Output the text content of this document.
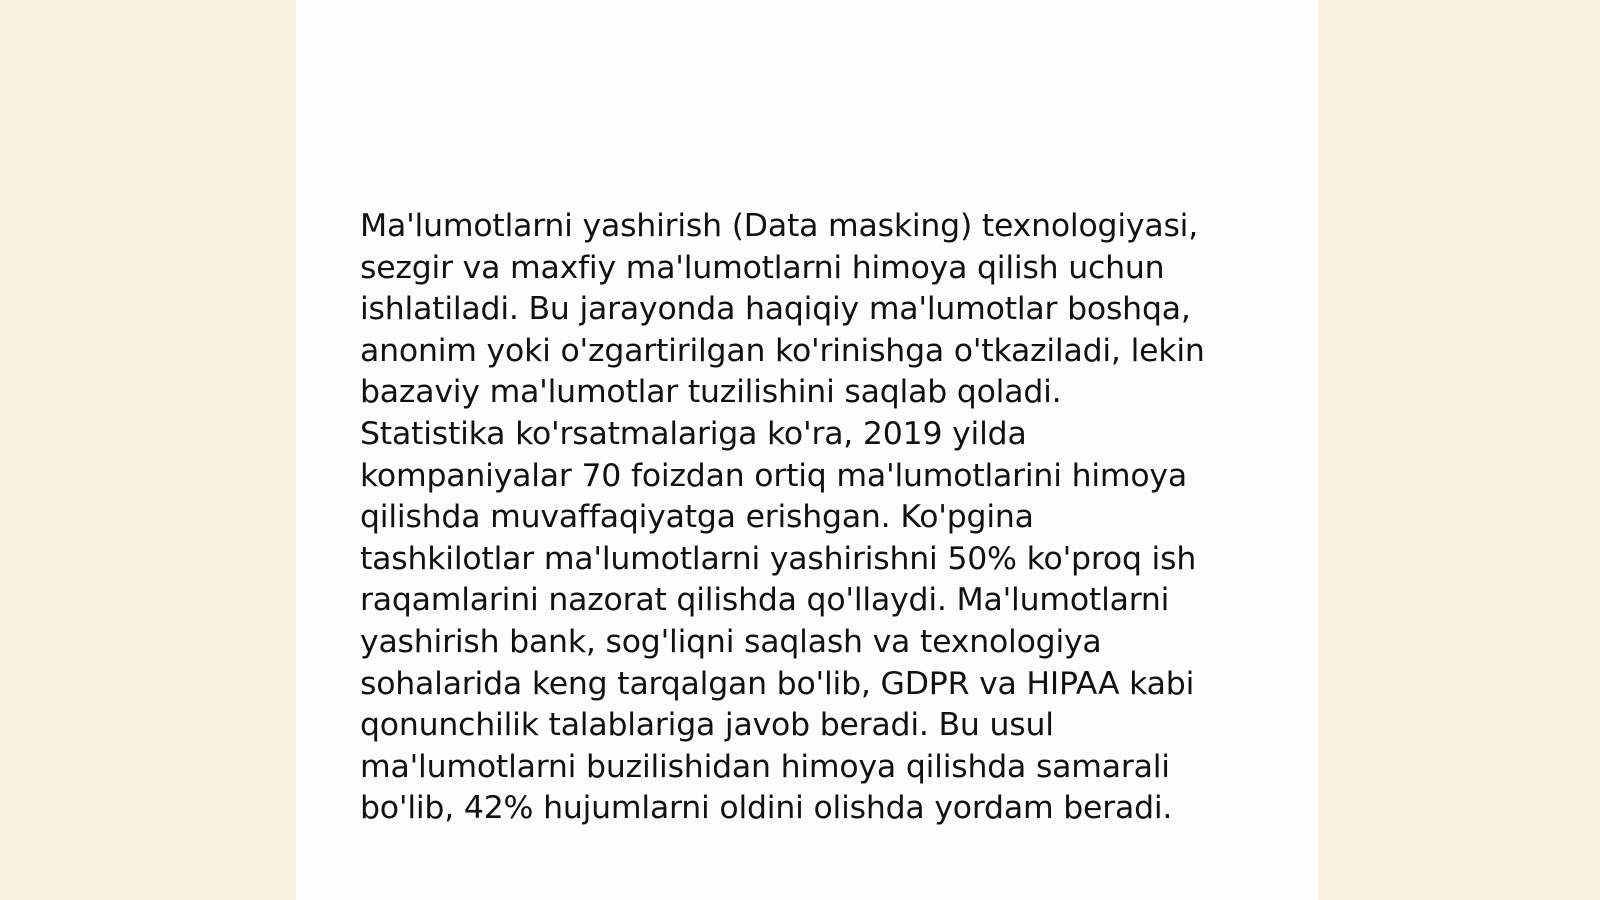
Ma'lumotlarni yashirish (Data masking) texnologiyasi,
sezgir va maxfiy ma'lumotlarni himoya qilish uchun
ishlatiladi. Bu jarayonda haqiqiy ma'lumotlar boshqa,
anonim yoki o'zgartirilgan ko'rinishga o'tkaziladi, lekin
bazaviy ma'lumotlar tuzilishini saqlab qoladi.
Statistika ko'rsatmalariga ko'ra, 2019 yilda
kompaniyalar 70 foizdan ortiq ma'lumotlarini himoya
qilishda muvaffaqiyatga erishgan. Ko'pgina
tashkilotlar ma'lumotlarni yashirishni 50% ko'proq ish
raqamlarini nazorat qilishda qo'llaydi. Ma'lumotlarni
yashirish bank, sog'liqni saqlash va texnologiya
sohalarida keng tarqalgan bo'lib, GDPR va HIPAA kabi
qonunchilik talablariga javob beradi. Bu usul
ma'lumotlarni buzilishidan himoya qilishda samarali
bo'lib, 42% hujumlarni oldini olishda yordam beradi.
